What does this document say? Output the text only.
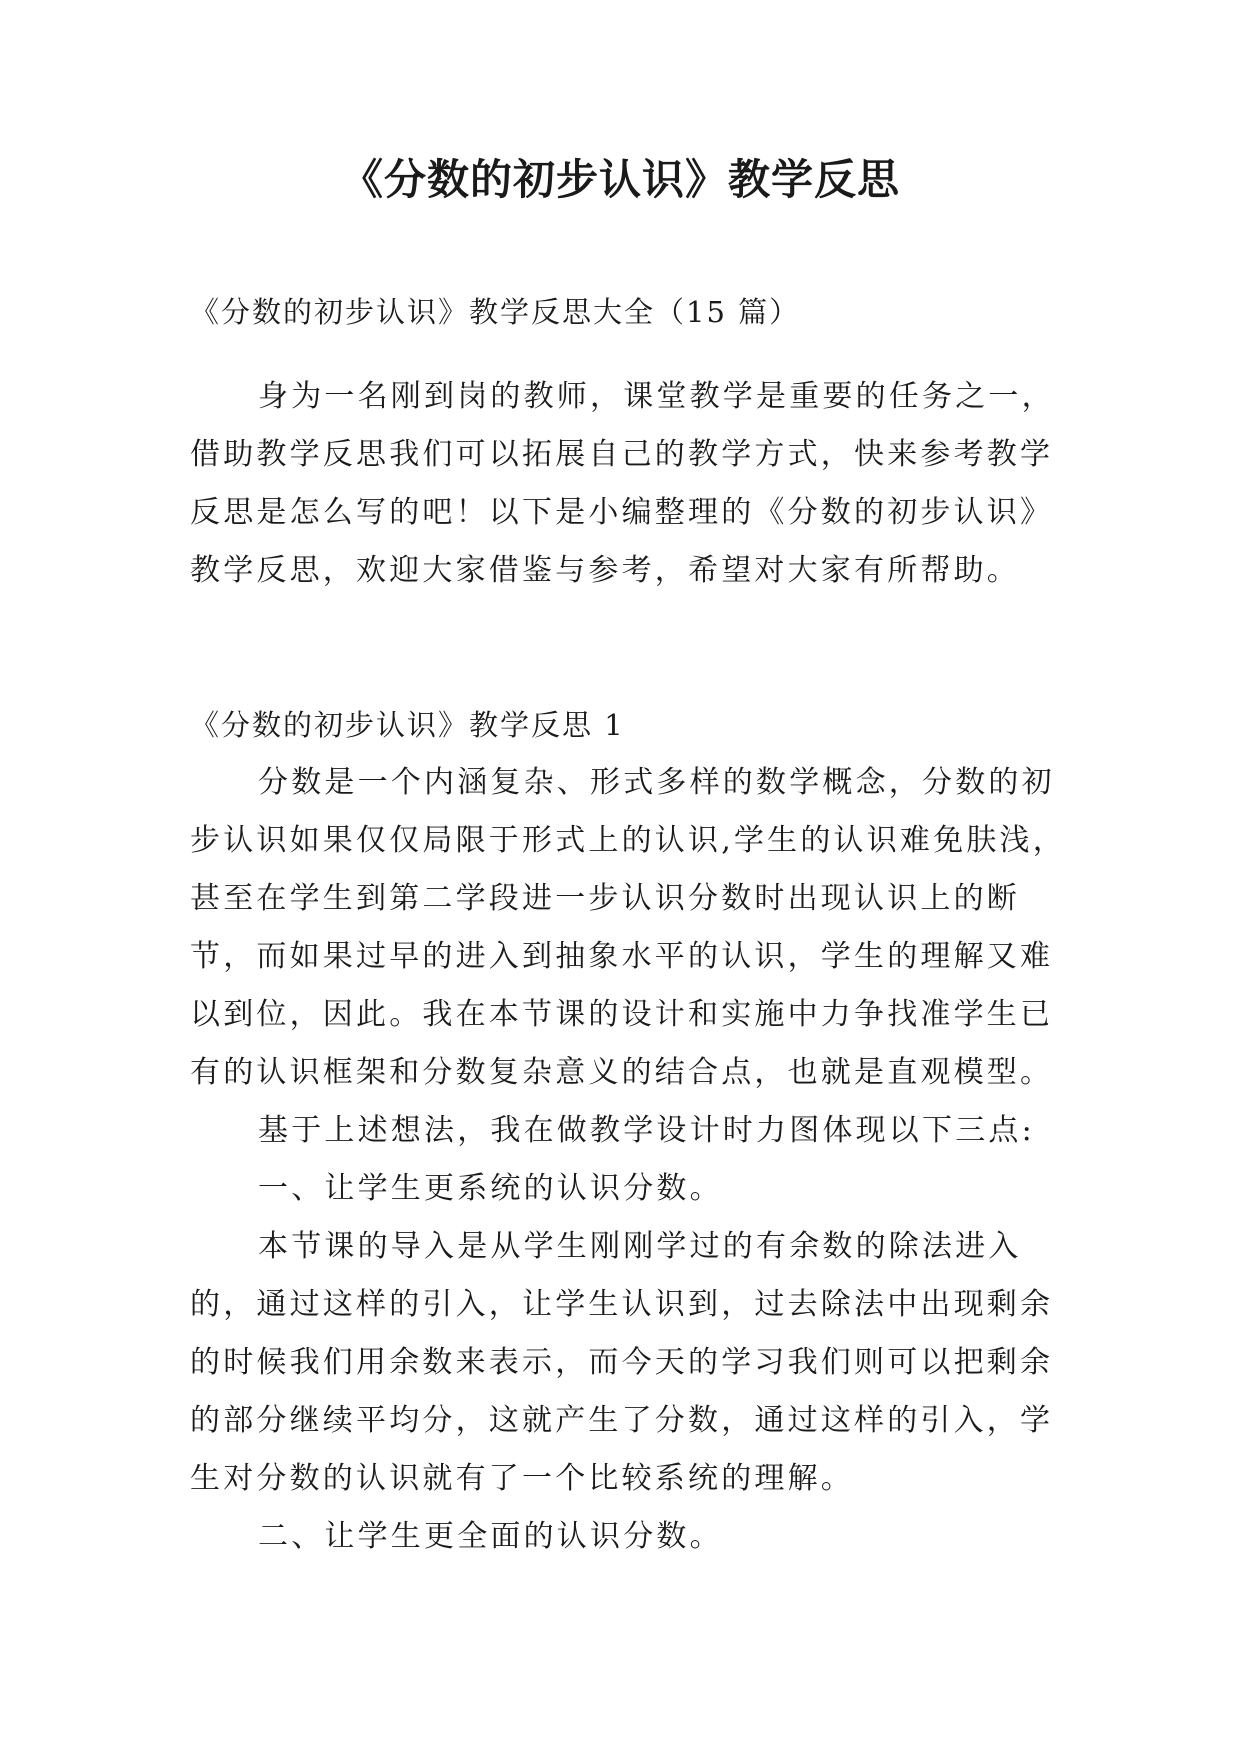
《分数的初步认识》教学反思
《分数的初步认识》教学反思大全（15 篇）
身为一名刚到岗的教师，课堂教学是重要的任务之一，
借助教学反思我们可以拓展自己的教学方式，快来参考教学
反思是怎么写的吧！以下是小编整理的《分数的初步认识》
教学反思，欢迎大家借鉴与参考，希望对大家有所帮助。
《分数的初步认识》教学反思 1
分数是一个内涵复杂、形式多样的数学概念，分数的初
步认识如果仅仅局限于形式上的认识,学生的认识难免肤浅，
甚至在学生到第二学段进一步认识分数时出现认识上的断
节，而如果过早的进入到抽象水平的认识，学生的理解又难
以到位，因此。我在本节课的设计和实施中力争找准学生已
有的认识框架和分数复杂意义的结合点，也就是直观模型。
基于上述想法，我在做教学设计时力图体现以下三点:
一、让学生更系统的认识分数。
本节课的导入是从学生刚刚学过的有余数的除法进入
的，通过这样的引入，让学生认识到，过去除法中出现剩余
的时候我们用余数来表示，而今天的学习我们则可以把剩余
的部分继续平均分，这就产生了分数，通过这样的引入，学
生对分数的认识就有了一个比较系统的理解。
二、让学生更全面的认识分数。
